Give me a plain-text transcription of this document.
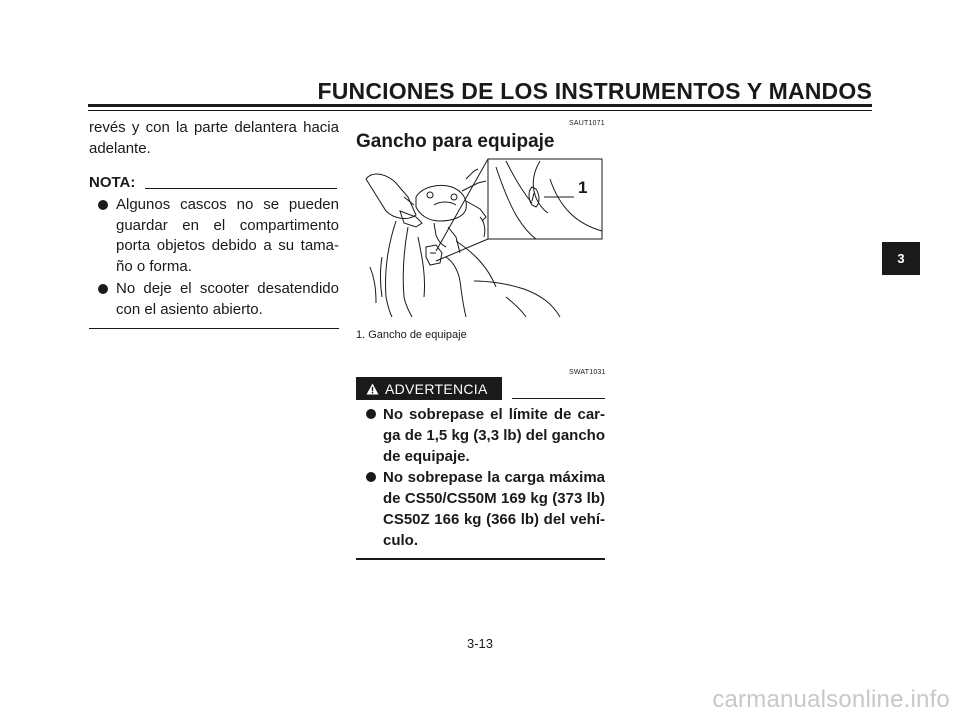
FUNCIONES DE LOS INSTRUMENTOS Y MANDOS
revés y con la parte delantera hacia
adelante.
NOTA:
Algunos cascos no se pueden
guardar en el compartimento
porta objetos debido a su tama-
ño o forma.
No deje el scooter desatendido
con el asiento abierto.
SAUT1071
Gancho para equipaje
1
1. Gancho de equipaje
SWAT1031
ADVERTENCIA
No sobrepase el límite de car-
ga de 1,5 kg (3,3 lb) del gancho
de equipaje.
No sobrepase la carga máxima
de CS50/CS50M 169 kg (373 lb)
CS50Z 166 kg (366 lb) del vehí-
culo.
3
3-13
carmanualsonline.info
